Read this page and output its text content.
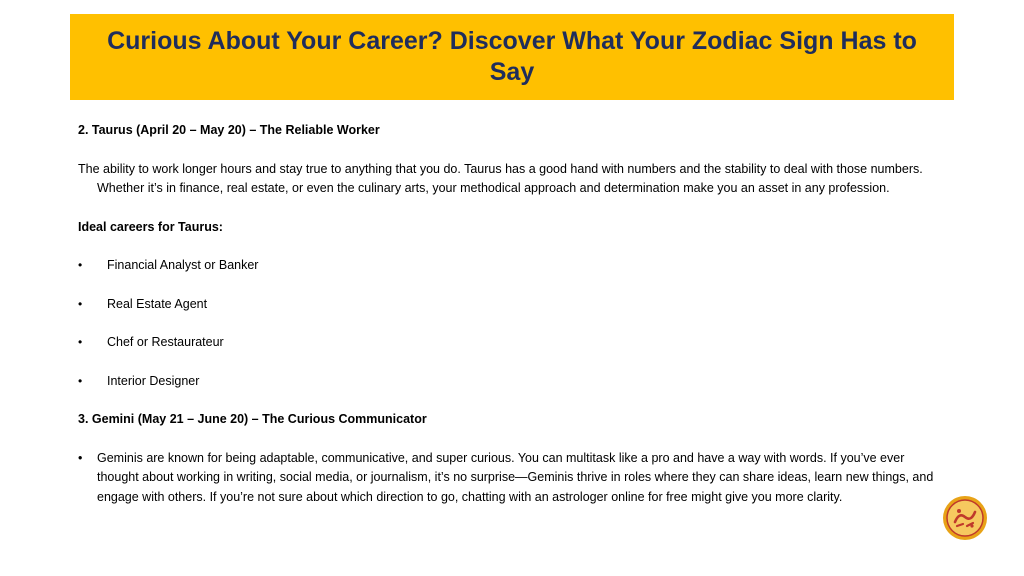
Curious About Your Career? Discover What Your Zodiac Sign Has to Say

2. Taurus (April 20 – May 20) – The Reliable Worker

The ability to work longer hours and stay true to anything that you do. Taurus has a good hand with numbers and the stability to deal with those numbers. Whether it’s in finance, real estate, or even the culinary arts, your methodical approach and determination make you an asset in any profession.

Ideal careers for Taurus:

• Financial Analyst or Banker
• Real Estate Agent
• Chef or Restaurateur
• Interior Designer

3. Gemini (May 21 – June 20) – The Curious Communicator

• Geminis are known for being adaptable, communicative, and super curious. You can multitask like a pro and have a way with words. If you’ve ever thought about working in writing, social media, or journalism, it’s no surprise—Geminis thrive in roles where they can share ideas, learn new things, and engage with others. If you’re not sure about which direction to go, chatting with an astrologer online for free might give you more clarity.
